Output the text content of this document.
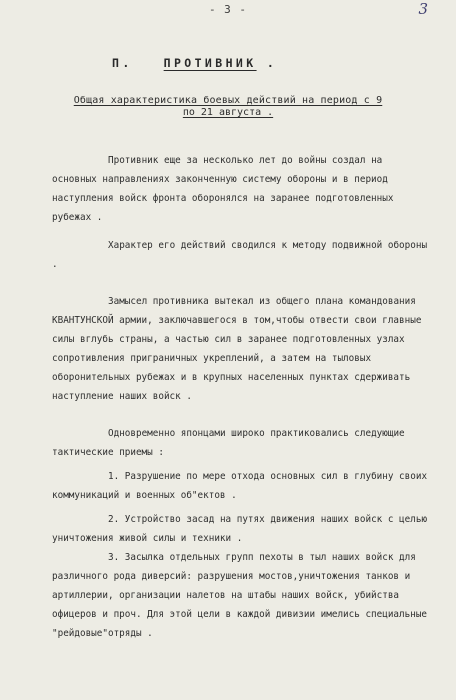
- 3 -	3
П.	ПРОТИВНИК .
Общая характеристика боевых действий на период с 9
по 21 августа .

Противник еще за несколько лет до войны создал на основных направлениях законченную систему обороны и в период наступления войск фронта оборонялся на заранее подготовленных рубежах .

Характер его действий сводился к методу подвижной обороны .

Замысел противника вытекал из общего плана командования КВАНТУНСКОЙ армии, заключавшегося в том,чтобы отвести свои главные силы вглубь страны, а частью сил в заранее подготовленных узлах сопротивления приграничных укреплений, а затем на тыловых оборонительных рубежах и в крупных населенных пунктах сдерживать наступление наших войск .

Одновременно японцами широко практиковались следующие тактические приемы :

1. Разрушение по мере отхода основных сил в глубину своих коммуникаций и военных об"ектов .

2. Устройство засад на путях движения наших войск с целью уничтожения живой силы и техники .

3. Засылка отдельных групп пехоты в тыл наших войск для различного рода диверсий: разрушения мостов,уничтожения танков и артиллерии, организации налетов на штабы наших войск, убийства офицеров и проч. Для этой цели в каждой дивизии имелись специальные "рейдовые"отряды .
